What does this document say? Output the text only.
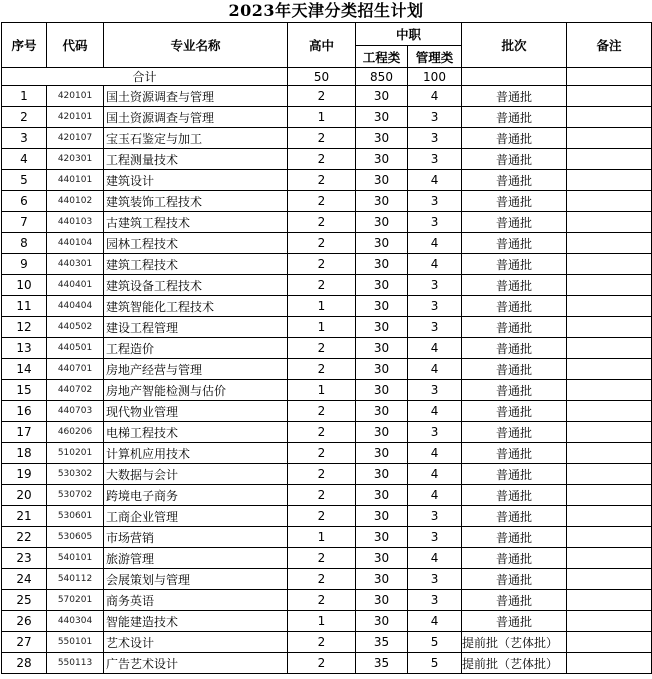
2023年天津分类招生计划
序号	代码	专业名称	高中	中职		批次	备注
				工程类	管理类		
合计			50	850	100		
1	420101	国土资源调查与管理	2	30	4	普通批	
2	420101	国土资源调查与管理	1	30	3	普通批	
3	420107	宝玉石鉴定与加工	2	30	3	普通批	
4	420301	工程测量技术	2	30	3	普通批	
5	440101	建筑设计	2	30	4	普通批	
6	440102	建筑装饰工程技术	2	30	3	普通批	
7	440103	古建筑工程技术	2	30	3	普通批	
8	440104	园林工程技术	2	30	4	普通批	
9	440301	建筑工程技术	2	30	4	普通批	
10	440401	建筑设备工程技术	2	30	3	普通批	
11	440404	建筑智能化工程技术	1	30	3	普通批	
12	440502	建设工程管理	1	30	3	普通批	
13	440501	工程造价	2	30	4	普通批	
14	440701	房地产经营与管理	2	30	4	普通批	
15	440702	房地产智能检测与估价	1	30	3	普通批	
16	440703	现代物业管理	2	30	4	普通批	
17	460206	电梯工程技术	2	30	3	普通批	
18	510201	计算机应用技术	2	30	4	普通批	
19	530302	大数据与会计	2	30	4	普通批	
20	530702	跨境电子商务	2	30	4	普通批	
21	530601	工商企业管理	2	30	3	普通批	
22	530605	市场营销	1	30	3	普通批	
23	540101	旅游管理	2	30	4	普通批	
24	540112	会展策划与管理	2	30	3	普通批	
25	570201	商务英语	2	30	3	普通批	
26	440304	智能建造技术	1	30	4	普通批	
27	550101	艺术设计	2	35	5	提前批（艺体批）	
28	550113	广告艺术设计	2	35	5	提前批（艺体批）	
